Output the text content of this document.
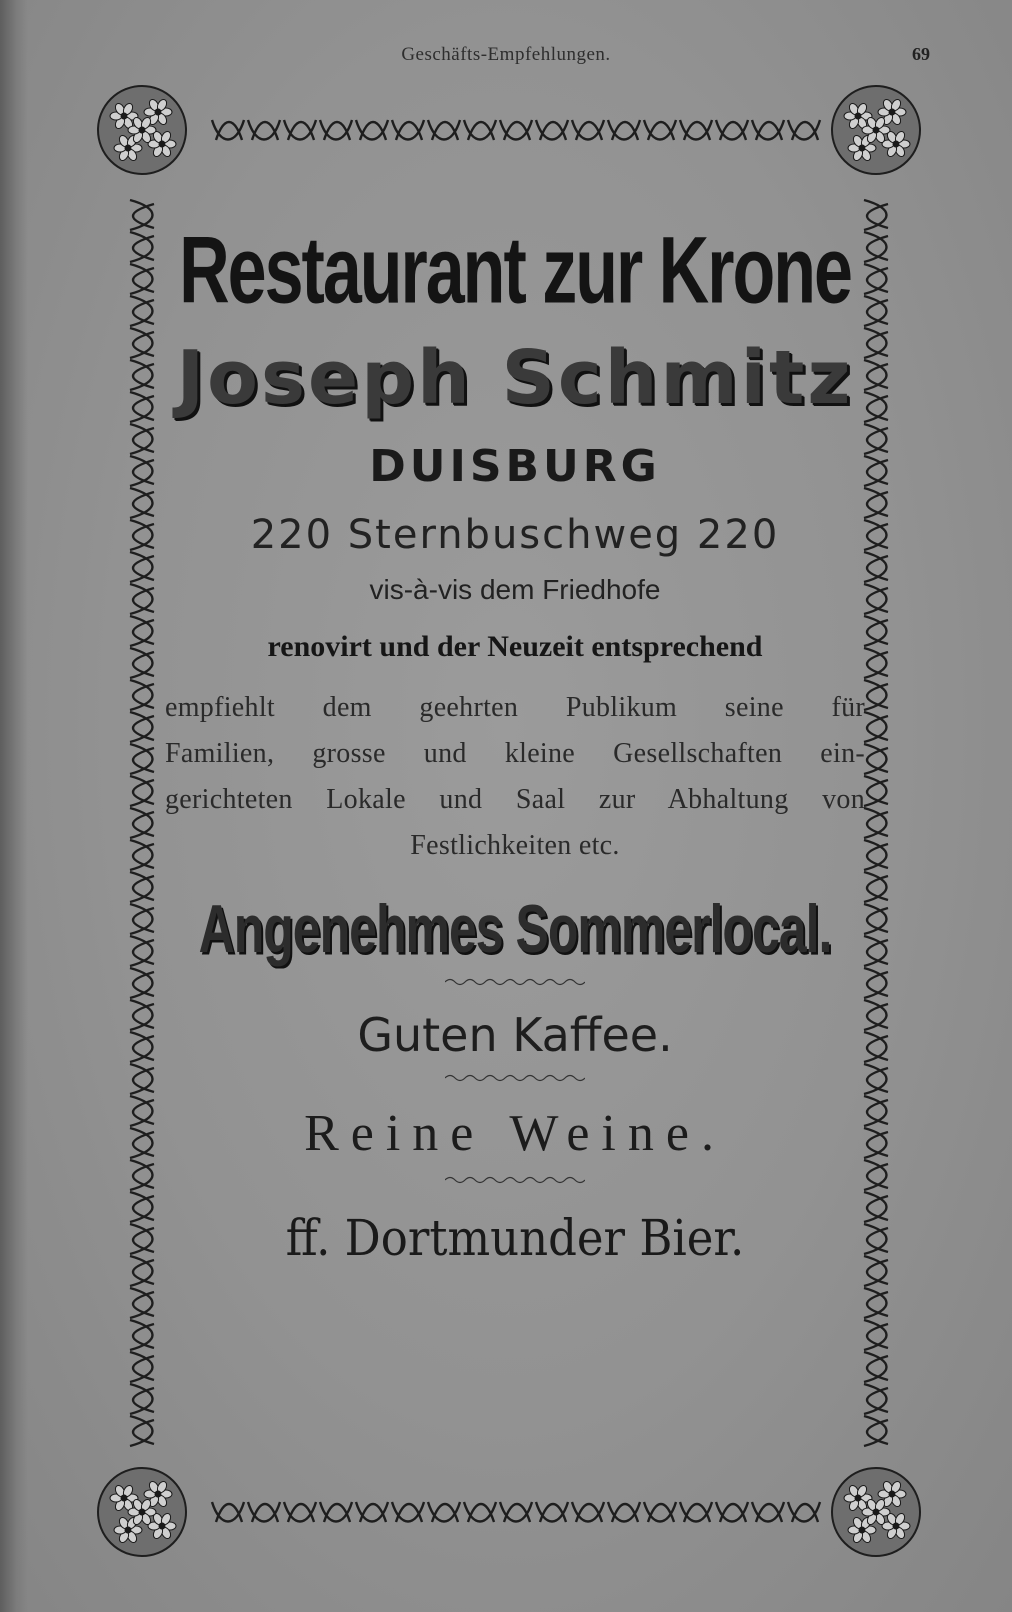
Geschäfts-Empfehlungen.	69
Restaurant zur Krone
Joseph Schmitz
DUISBURG
220 Sternbuschweg 220
vis-à-vis dem Friedhofe
renovirt und der Neuzeit entsprechend
empfiehlt dem geehrten Publikum seine für
Familien, grosse und kleine Gesellschaften ein-
gerichteten Lokale und Saal zur Abhaltung von
Festlichkeiten etc.
Angenehmes Sommerlocal.
Guten Kaffee.
Reine Weine.
ff. Dortmunder Bier.
